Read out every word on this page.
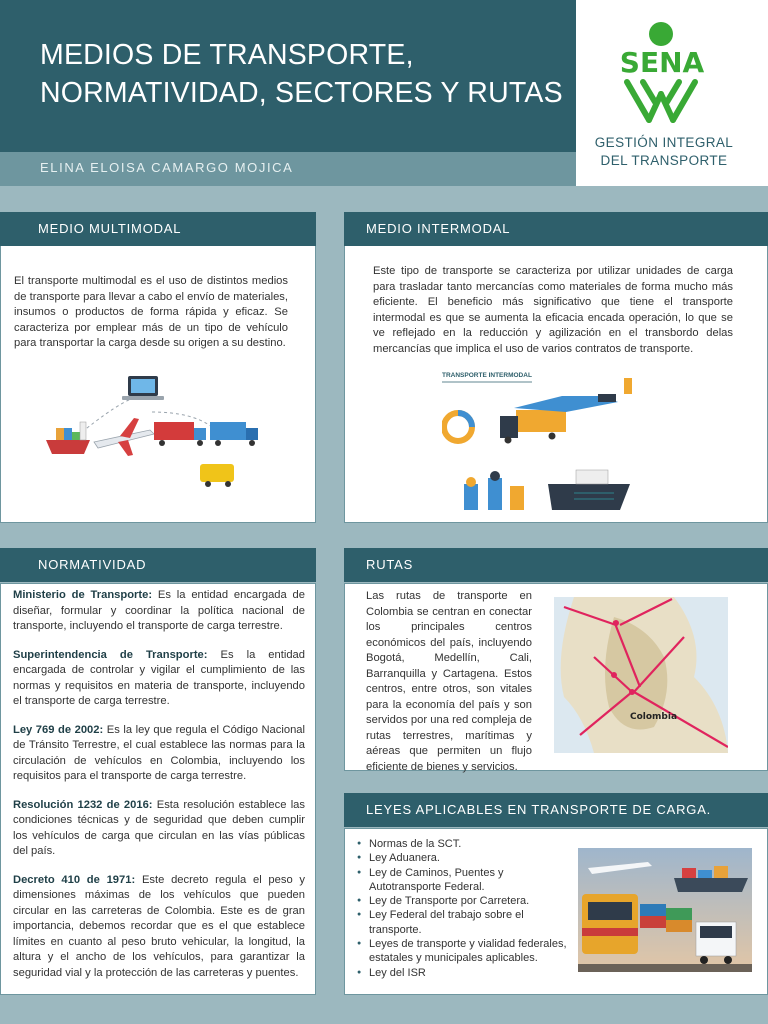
MEDIOS DE TRANSPORTE,
NORMATIVIDAD, SECTORES Y RUTAS
ELINA ELOISA CAMARGO MOJICA
SENA
GESTIÓN INTEGRAL
DEL TRANSPORTE
MEDIO MULTIMODAL
El transporte multimodal es el uso de distintos medios de transporte para llevar a cabo el envío de materiales, insumos o productos de forma rápida y eficaz. Se caracteriza por emplear más de un tipo de vehículo para transportar la carga desde su origen a su destino.
MEDIO INTERMODAL
Este tipo de transporte se caracteriza por utilizar unidades de carga para trasladar tanto mercancías como materiales de forma mucho más eficiente. El beneficio más significativo que tiene el transporte intermodal es que se aumenta la eficacia encada operación, lo que se ve reflejado en la reducción y agilización en el transbordo delas mercancías que implica el uso de varios contratos de transporte.
TRANSPORTE INTERMODAL
NORMATIVIDAD
Ministerio de Transporte: Es la entidad encargada de diseñar, formular y coordinar la política nacional de transporte, incluyendo el transporte de carga terrestre.
Superintendencia de Transporte: Es la entidad encargada de controlar y vigilar el cumplimiento de las normas y requisitos en materia de transporte, incluyendo el transporte de carga terrestre.
Ley 769 de 2002: Es la ley que regula el Código Nacional de Tránsito Terrestre, el cual establece las normas para la circulación de vehículos en Colombia, incluyendo los requisitos para el transporte de carga terrestre.
Resolución 1232 de 2016: Esta resolución establece las condiciones técnicas y de seguridad que deben cumplir los vehículos de carga que circulan en las vías públicas del país.
Decreto 410 de 1971: Este decreto regula el peso y dimensiones máximas de los vehículos que pueden circular en las carreteras de Colombia. Este es de gran importancia, debemos recordar que es el que establece límites en cuanto al peso bruto vehicular, la longitud, la altura y el ancho de los vehículos, para garantizar la seguridad vial y la protección de las carreteras y puentes.
RUTAS
Las rutas de transporte en Colombia se centran en conectar los principales centros económicos del país, incluyendo Bogotá, Medellín, Cali, Barranquilla y Cartagena. Estos centros, entre otros, son vitales para la economía del país y son servidos por una red compleja de rutas terrestres, marítimas y aéreas que permiten un flujo eficiente de bienes y servicios.
Colombia
LEYES APLICABLES EN TRANSPORTE DE CARGA.
● Normas de la SCT.
● Ley Aduanera.
● Ley de Caminos, Puentes y Autotransporte Federal.
● Ley de Transporte por Carretera.
● Ley Federal del trabajo sobre el transporte.
● Leyes de transporte y vialidad federales, estatales y municipales aplicables.
● Ley del ISR
